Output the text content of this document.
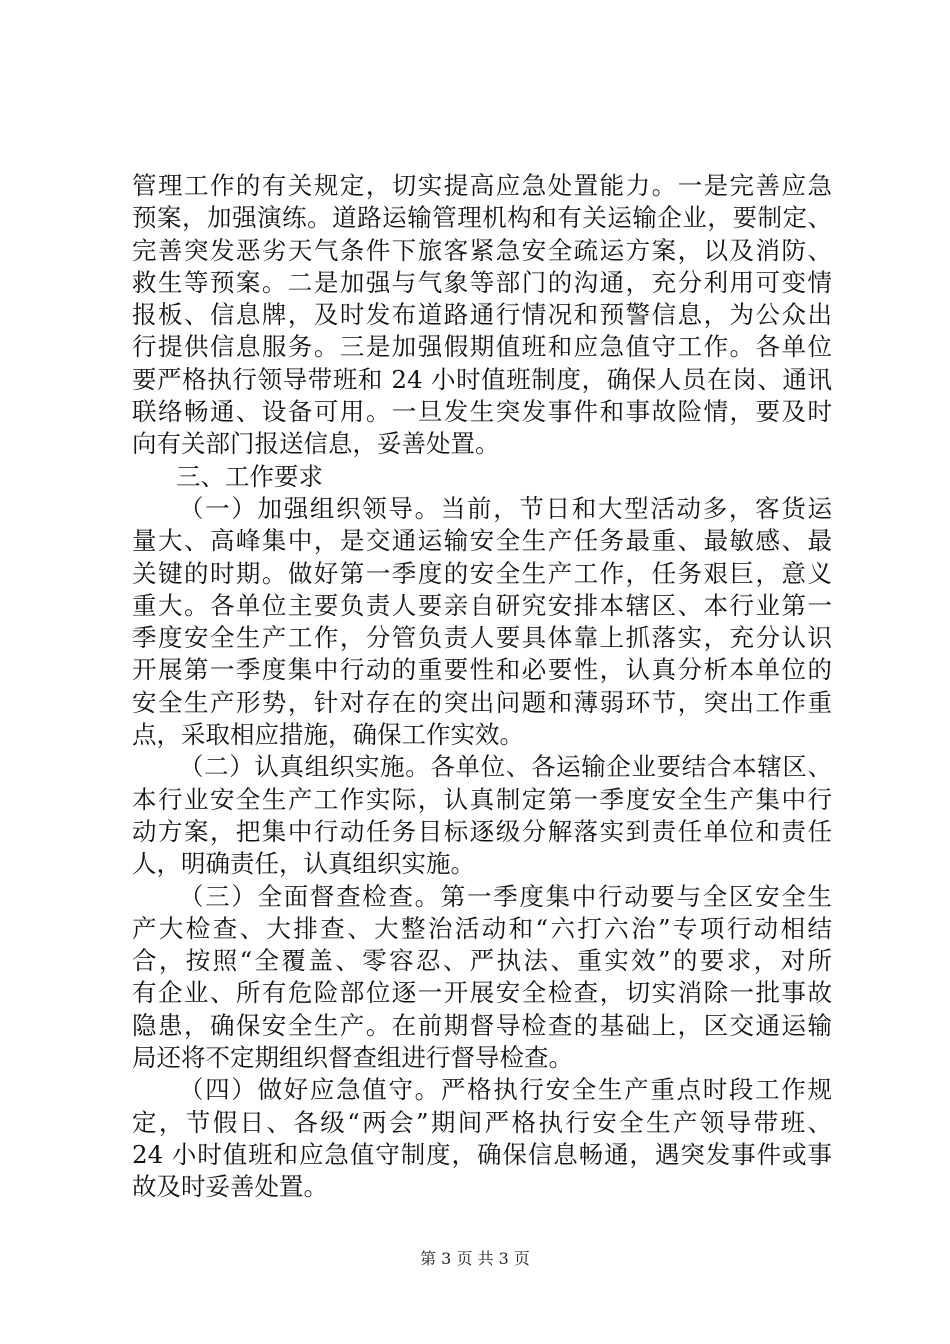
管理工作的有关规定，切实提高应急处置能力。一是完善应急
预案，加强演练。道路运输管理机构和有关运输企业，要制定、
完善突发恶劣天气条件下旅客紧急安全疏运方案，以及消防、
救生等预案。二是加强与气象等部门的沟通，充分利用可变情
报板、信息牌，及时发布道路通行情况和预警信息，为公众出
行提供信息服务。三是加强假期值班和应急值守工作。各单位
要严格执行领导带班和 24 小时值班制度，确保人员在岗、通讯
联络畅通、设备可用。一旦发生突发事件和事故险情，要及时
向有关部门报送信息，妥善处置。
三、工作要求
（一）加强组织领导。当前，节日和大型活动多，客货运
量大、高峰集中，是交通运输安全生产任务最重、最敏感、最
关键的时期。做好第一季度的安全生产工作，任务艰巨，意义
重大。各单位主要负责人要亲自研究安排本辖区、本行业第一
季度安全生产工作，分管负责人要具体靠上抓落实，充分认识
开展第一季度集中行动的重要性和必要性，认真分析本单位的
安全生产形势，针对存在的突出问题和薄弱环节，突出工作重
点，采取相应措施，确保工作实效。
（二）认真组织实施。各单位、各运输企业要结合本辖区、
本行业安全生产工作实际，认真制定第一季度安全生产集中行
动方案，把集中行动任务目标逐级分解落实到责任单位和责任
人，明确责任，认真组织实施。
（三）全面督查检查。第一季度集中行动要与全区安全生
产大检查、大排查、大整治活动和“六打六治”专项行动相结
合，按照“全覆盖、零容忍、严执法、重实效”的要求，对所
有企业、所有危险部位逐一开展安全检查，切实消除一批事故
隐患，确保安全生产。在前期督导检查的基础上，区交通运输
局还将不定期组织督查组进行督导检查。
（四）做好应急值守。严格执行安全生产重点时段工作规
定，节假日、各级“两会”期间严格执行安全生产领导带班、
24 小时值班和应急值守制度，确保信息畅通，遇突发事件或事
故及时妥善处置。
第 3 页 共 3 页
